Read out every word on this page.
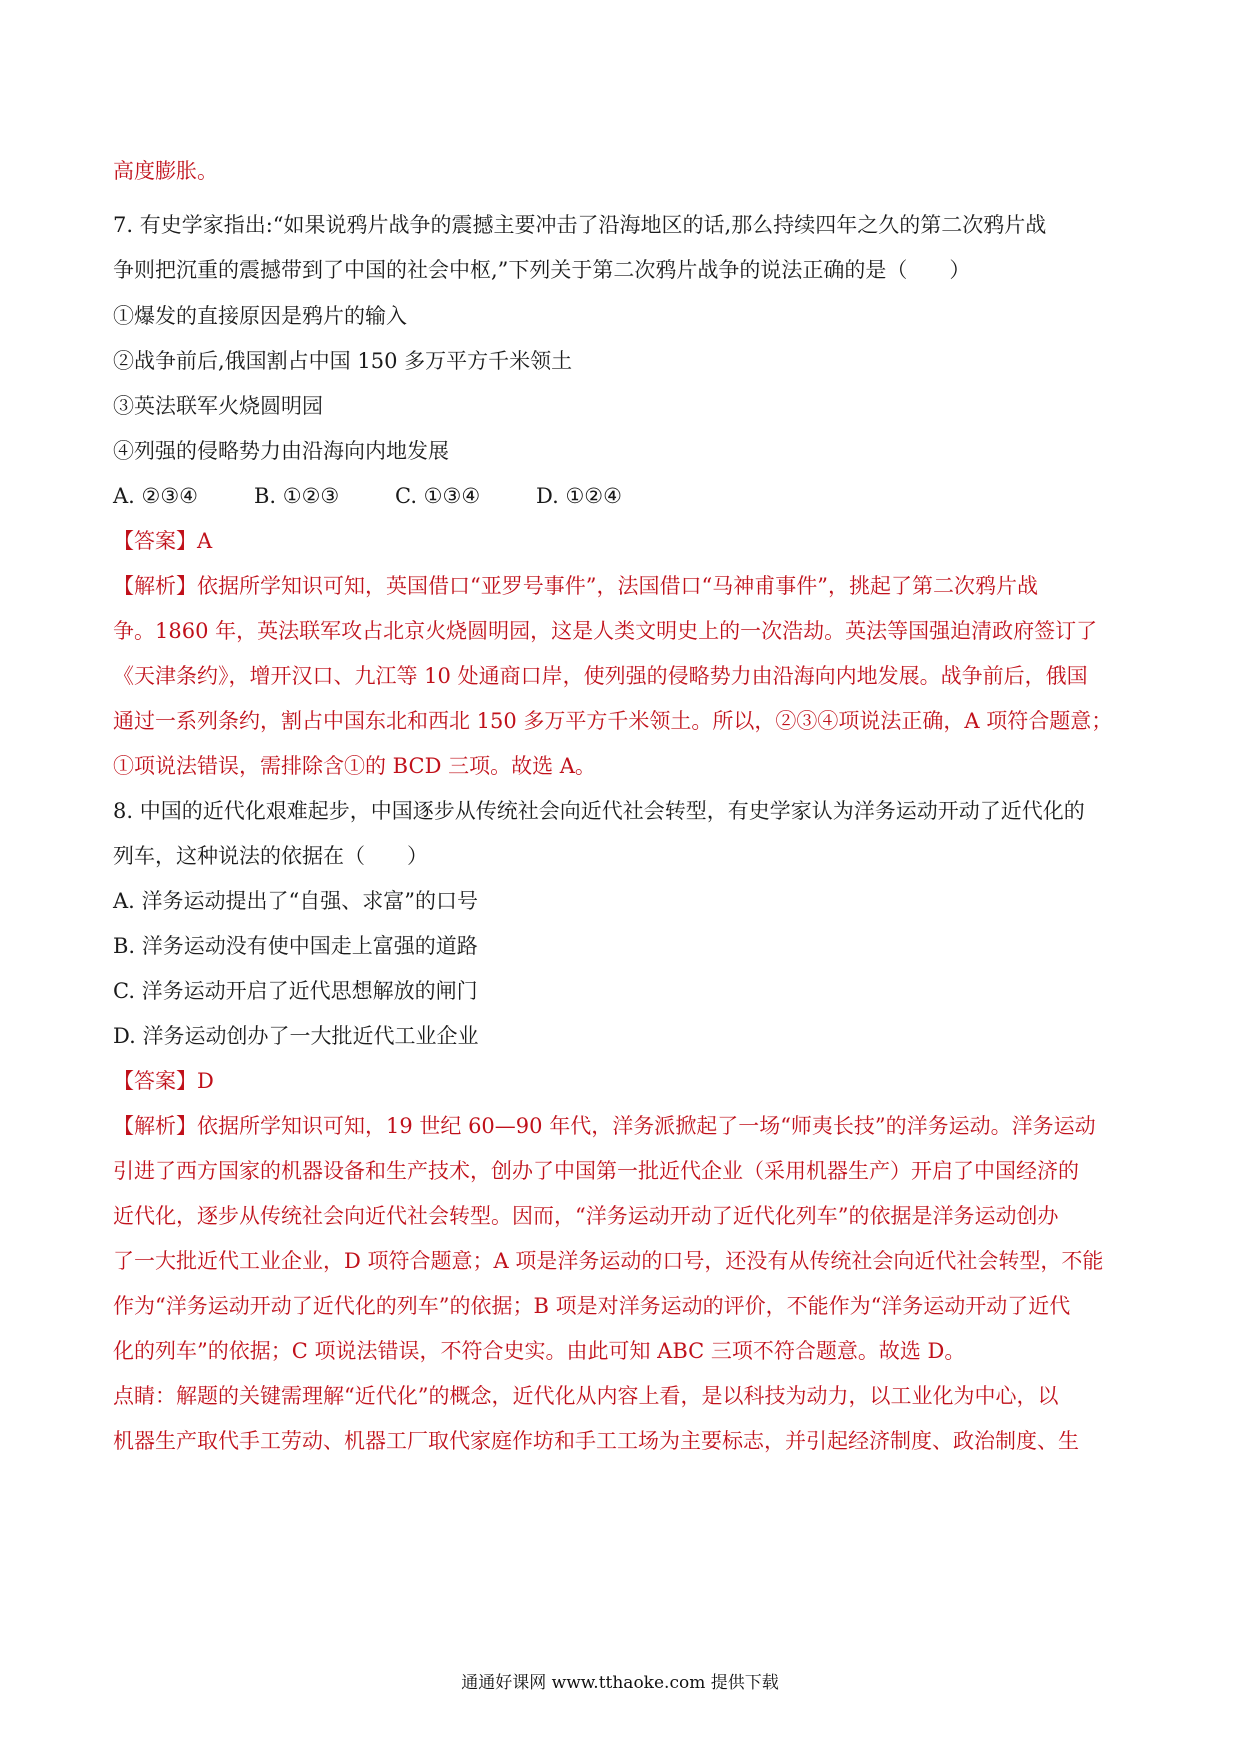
高度膨胀。
7. 有史学家指出:“如果说鸦片战争的震撼主要冲击了沿海地区的话,那么持续四年之久的第二次鸦片战
争则把沉重的震撼带到了中国的社会中枢,”下列关于第二次鸦片战争的说法正确的是（　　）
①爆发的直接原因是鸦片的输入
②战争前后,俄国割占中国 150 多万平方千米领土
③英法联军火烧圆明园
④列强的侵略势力由沿海向内地发展
A. ②③④	B. ①②③	C. ①③④	D. ①②④
【答案】A
【解析】依据所学知识可知，英国借口“亚罗号事件”，法国借口“马神甫事件”，挑起了第二次鸦片战
争。1860 年，英法联军攻占北京火烧圆明园，这是人类文明史上的一次浩劫。英法等国强迫清政府签订了
《天津条约》，增开汉口、九江等 10 处通商口岸，使列强的侵略势力由沿海向内地发展。战争前后，俄国
通过一系列条约，割占中国东北和西北 150 多万平方千米领土。所以，②③④项说法正确，A 项符合题意；
①项说法错误，需排除含①的 BCD 三项。故选 A。
8. 中国的近代化艰难起步，中国逐步从传统社会向近代社会转型，有史学家认为洋务运动开动了近代化的
列车，这种说法的依据在（　　）
A. 洋务运动提出了“自强、求富”的口号
B. 洋务运动没有使中国走上富强的道路
C. 洋务运动开启了近代思想解放的闸门
D. 洋务运动创办了一大批近代工业企业
【答案】D
【解析】依据所学知识可知，19 世纪 60—90 年代，洋务派掀起了一场“师夷长技”的洋务运动。洋务运动
引进了西方国家的机器设备和生产技术，创办了中国第一批近代企业（采用机器生产）开启了中国经济的
近代化，逐步从传统社会向近代社会转型。因而，“洋务运动开动了近代化列车”的依据是洋务运动创办
了一大批近代工业企业，D 项符合题意；A 项是洋务运动的口号，还没有从传统社会向近代社会转型，不能
作为“洋务运动开动了近代化的列车”的依据；B 项是对洋务运动的评价，不能作为“洋务运动开动了近代
化的列车”的依据；C 项说法错误，不符合史实。由此可知 ABC 三项不符合题意。故选 D。
点睛：解题的关键需理解“近代化”的概念，近代化从内容上看，是以科技为动力，以工业化为中心，以
机器生产取代手工劳动、机器工厂取代家庭作坊和手工工场为主要标志，并引起经济制度、政治制度、生
通通好课网 www.tthaoke.com 提供下载
